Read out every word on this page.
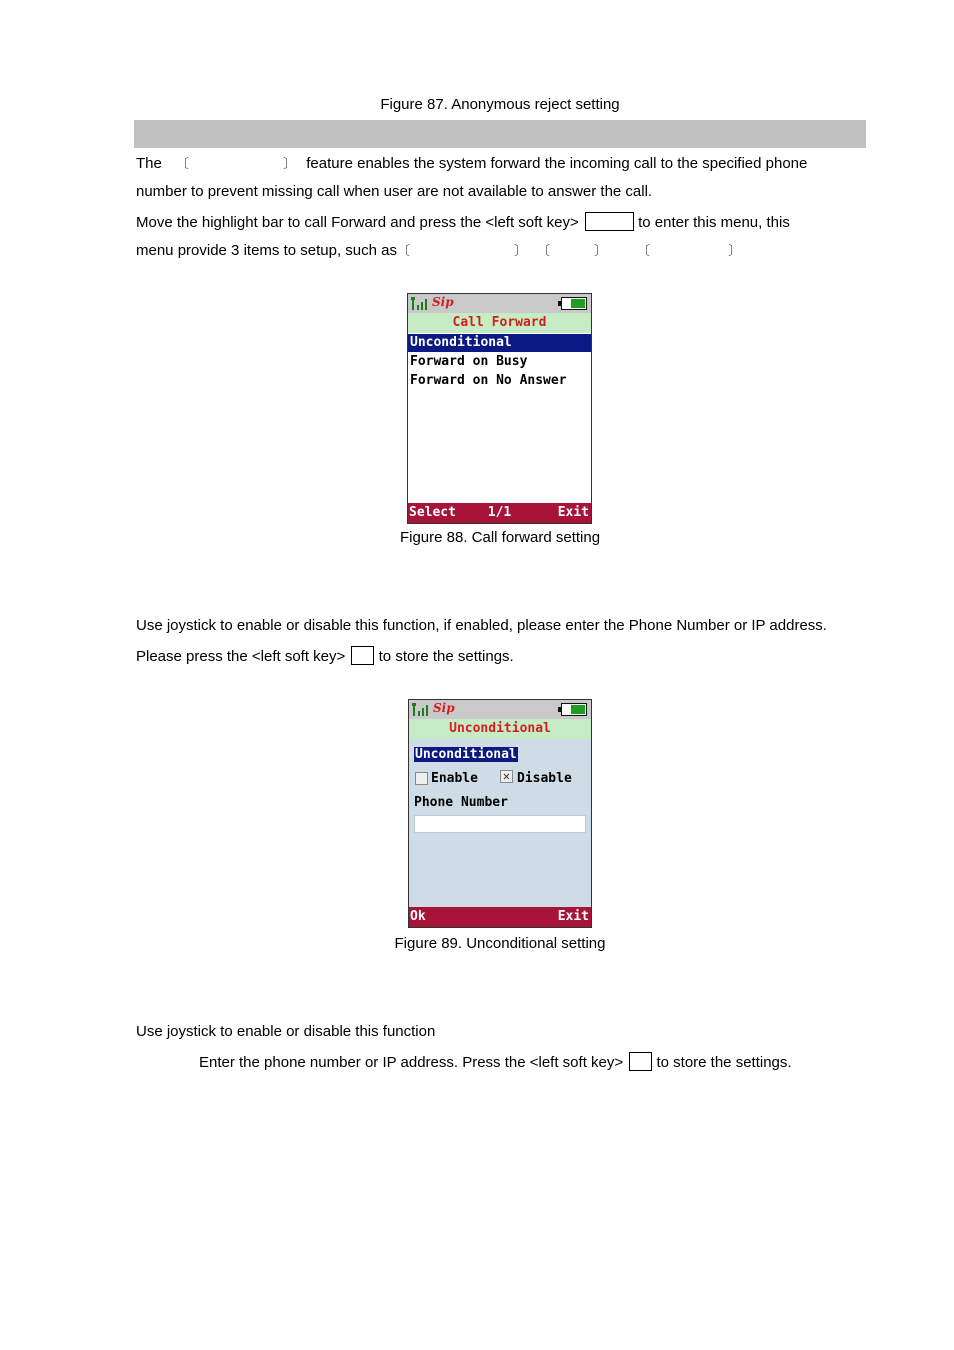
Figure 87. Anonymous reject setting
The 〔	〕 feature enables the system forward the incoming call to the specified phone
number to prevent missing call when user are not available to answer the call.
Move the highlight bar to call Forward and press the <left soft key>	to enter this menu, this
menu provide 3 items to setup, such as〔	〕 〔	〕 〔	〕
Sip
Call Forward
Unconditional
Forward on Busy
Forward on No Answer
Select	1/1	Exit
Figure 88. Call forward setting
Use joystick to enable or disable this function, if enabled, please enter the Phone Number or IP address.
Please press the <left soft key> to store the settings.
Sip
Unconditional
Unconditional
Enable ✕ Disable
Phone Number
Ok	Exit
Figure 89. Unconditional setting
Use joystick to enable or disable this function
Enter the phone number or IP address. Press the <left soft key> to store the settings.
